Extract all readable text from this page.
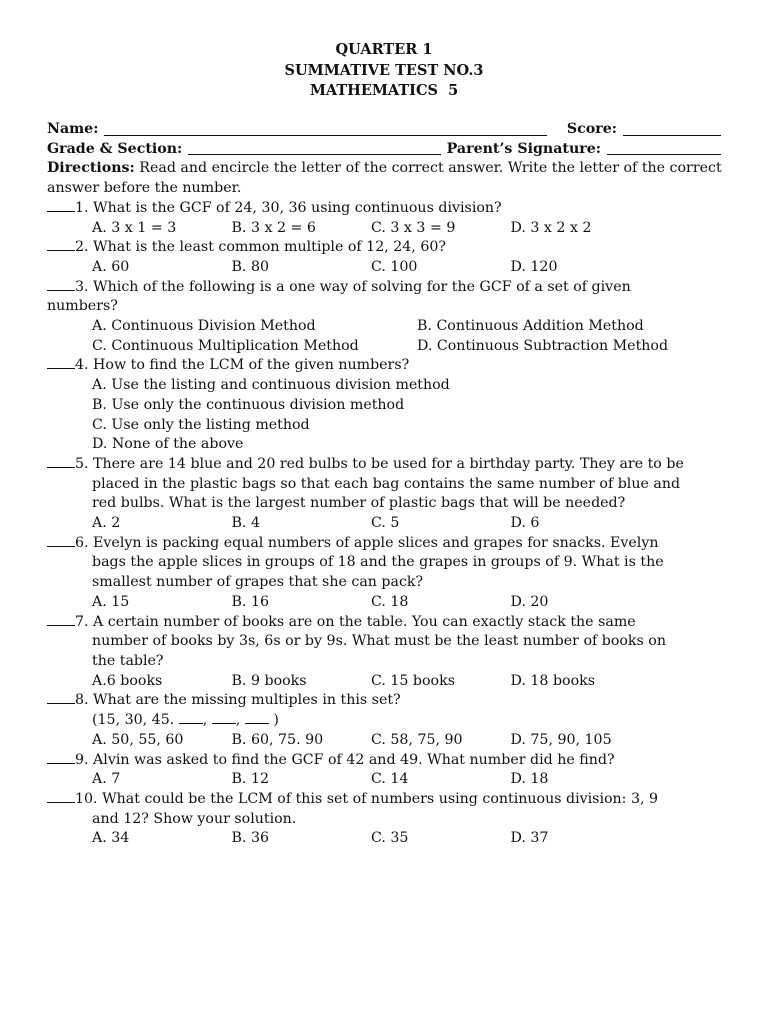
QUARTER 1
SUMMATIVE TEST NO.3
MATHEMATICS  5
Name:	Score:
Grade & Section:	Parent’s Signature:
Directions: Read and encircle the letter of the correct answer. Write the letter of the correct answer before the number.
1. What is the GCF of 24, 30, 36 using continuous division?
A. 3 x 1 = 3	B. 3 x 2 = 6	C. 3 x 3 = 9	D. 3 x 2 x 2
2. What is the least common multiple of 12, 24, 60?
A. 60	B. 80	C. 100	D. 120
3. Which of the following is a one way of solving for the GCF of a set of given
numbers?
A. Continuous Division Method	B. Continuous Addition Method
C. Continuous Multiplication Method	D. Continuous Subtraction Method
4. How to find the LCM of the given numbers?
A. Use the listing and continuous division method
B. Use only the continuous division method
C. Use only the listing method
D. None of the above
5. There are 14 blue and 20 red bulbs to be used for a birthday party. They are to be
placed in the plastic bags so that each bag contains the same number of blue and
red bulbs. What is the largest number of plastic bags that will be needed?
A. 2	B. 4	C. 5	D. 6
6. Evelyn is packing equal numbers of apple slices and grapes for snacks. Evelyn
bags the apple slices in groups of 18 and the grapes in groups of 9. What is the
smallest number of grapes that she can pack?
A. 15	B. 16	C. 18	D. 20
7. A certain number of books are on the table. You can exactly stack the same
number of books by 3s, 6s or by 9s. What must be the least number of books on
the table?
A.6 books	B. 9 books	C. 15 books	D. 18 books
8. What are the missing multiples in this set?
(15, 30, 45. , ,  )
A. 50, 55, 60	B. 60, 75. 90	C. 58, 75, 90	D. 75, 90, 105
9. Alvin was asked to find the GCF of 42 and 49. What number did he find?
A. 7	B. 12	C. 14	D. 18
10. What could be the LCM of this set of numbers using continuous division: 3, 9
and 12? Show your solution.
A. 34	B. 36	C. 35	D. 37
